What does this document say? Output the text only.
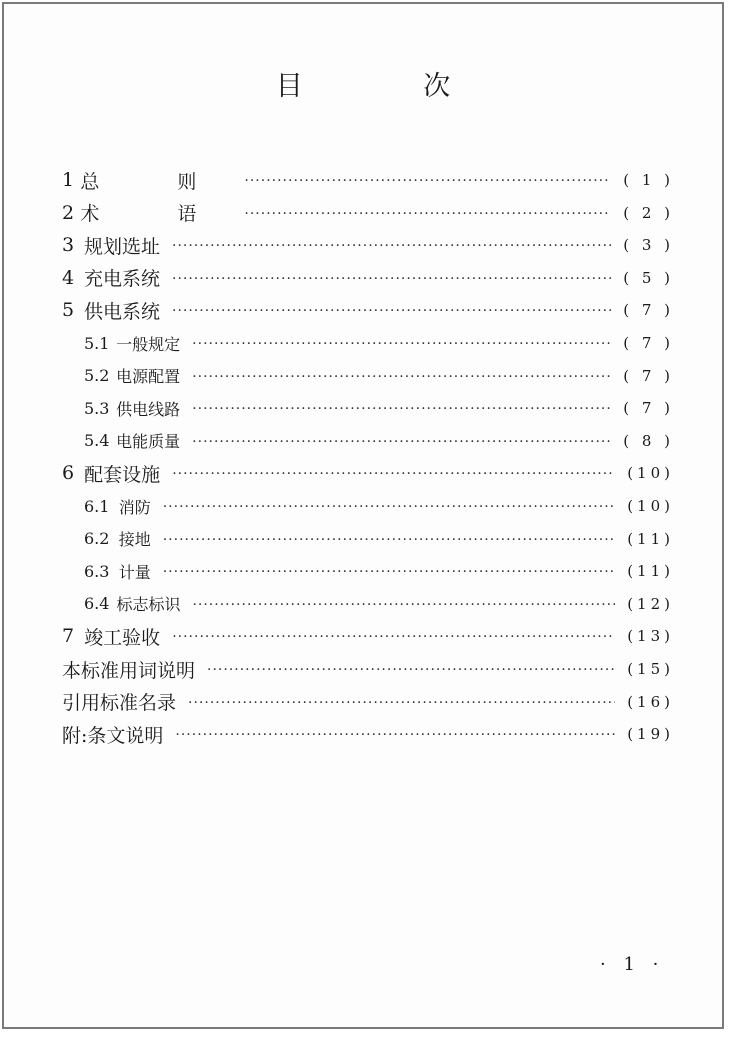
目 次
1 总 则 ·····	( 1 )
2 术 语 ·····	( 2 )
3 规划选址 ·····	( 3 )
4 充电系统 ·····	( 5 )
5 供电系统 ·····	( 7 )
5.1 一般规定 ·····	( 7 )
5.2 电源配置 ·····	( 7 )
5.3 供电线路 ·····	( 7 )
5.4 电能质量 ·····	( 8 )
6 配套设施 ·····	(10)
6.1 消防 ·····	(10)
6.2 接地 ·····	(11)
6.3 计量 ·····	(11)
6.4 标志标识 ·····	(12)
7 竣工验收 ·····	(13)
本标准用词说明 ·····	(15)
引用标准名录 ·····	(16)
附:条文说明 ·····	(19)
· 1 ·
